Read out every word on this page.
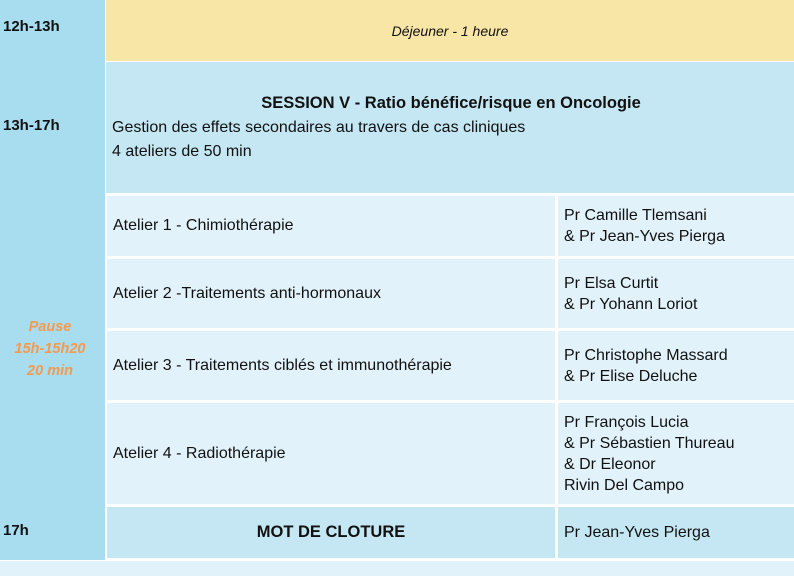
12h-13h
13h-17h
17h
Pause
15h-15h20
20 min
Déjeuner - 1 heure
SESSION V - Ratio bénéfice/risque en Oncologie
Gestion des effets secondaires au travers de cas cliniques
4 ateliers de 50 min
Atelier 1 - Chimiothérapie
Pr Camille Tlemsani
& Pr Jean-Yves Pierga
Atelier 2 -Traitements anti-hormonaux
Pr Elsa Curtit
& Pr Yohann Loriot
Atelier 3 - Traitements ciblés et immunothérapie
Pr Christophe Massard
& Pr Elise Deluche
Atelier 4 - Radiothérapie
Pr François Lucia
& Pr Sébastien Thureau
& Dr Eleonor
Rivin Del Campo
MOT DE CLOTURE	Pr Jean-Yves Pierga
